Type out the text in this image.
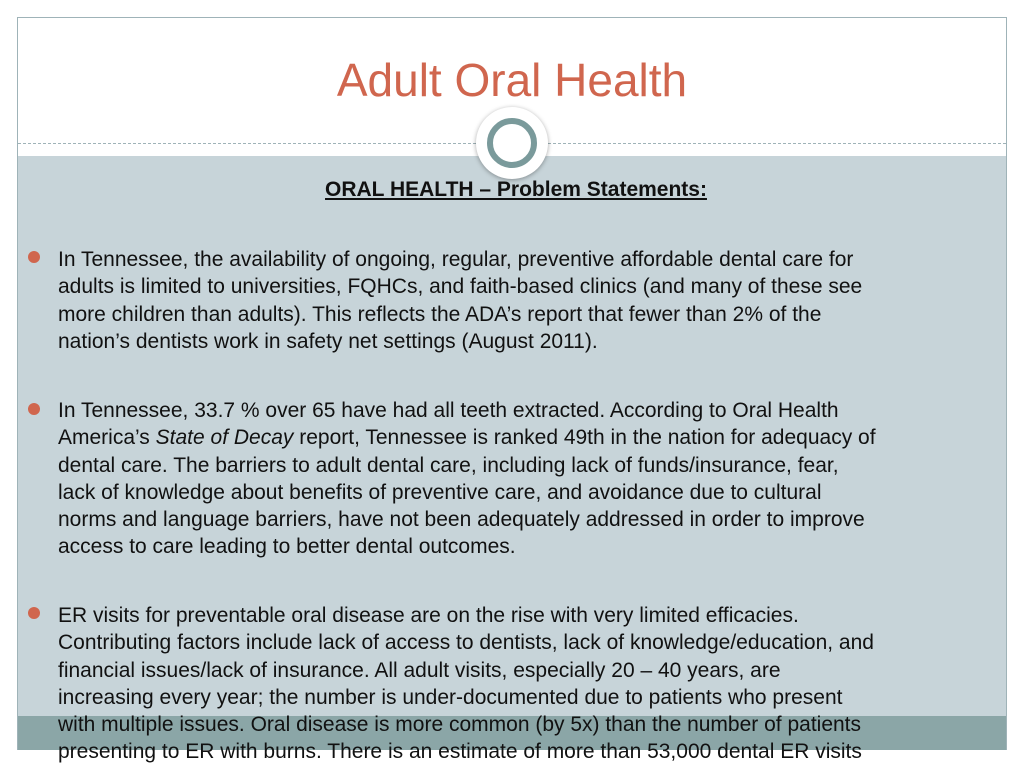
Adult Oral Health
ORAL HEALTH – Problem Statements:
In Tennessee, the availability of ongoing, regular, preventive affordable dental care for
adults is limited to universities, FQHCs, and faith-based clinics (and many of these see
more children than adults). This reflects the ADA’s report that fewer than 2% of the
nation’s dentists work in safety net settings (August 2011).
In Tennessee, 33.7 % over 65 have had all teeth extracted. According to Oral Health
America’s State of Decay report, Tennessee is ranked 49th in the nation for adequacy of
dental care. The barriers to adult dental care, including lack of funds/insurance, fear,
lack of knowledge about benefits of preventive care, and avoidance due to cultural
norms and language barriers, have not been adequately addressed in order to improve
access to care leading to better dental outcomes.
ER visits for preventable oral disease are on the rise with very limited efficacies.
Contributing factors include lack of access to dentists, lack of knowledge/education, and
financial issues/lack of insurance. All adult visits, especially 20 – 40 years, are
increasing every year; the number is under-documented due to patients who present
with multiple issues. Oral disease is more common (by 5x) than the number of patients
presenting to ER with burns. There is an estimate of more than 53,000 dental ER visits
